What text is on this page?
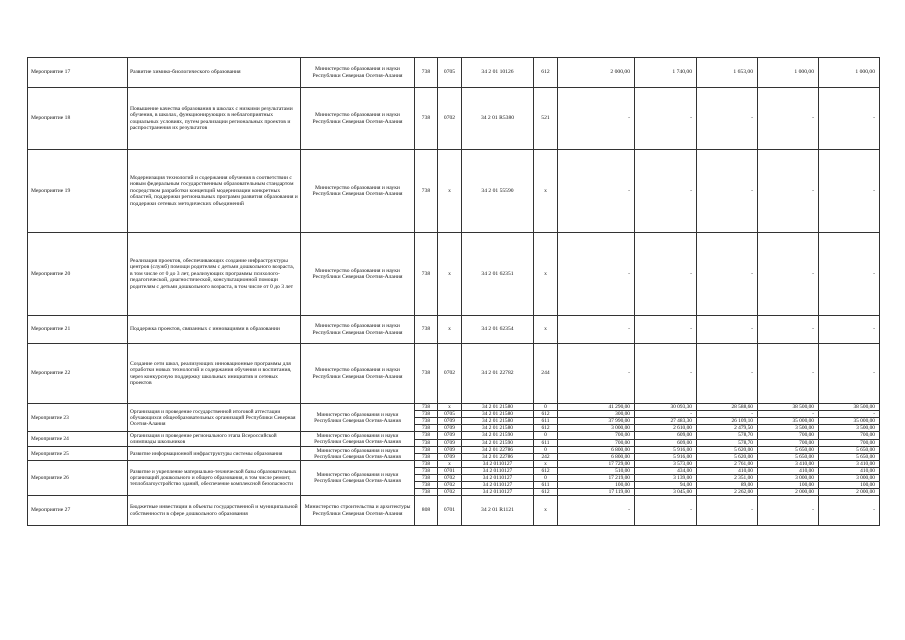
Мероприятие 17	Развитие химико-биологического образования	Министерство образования и науки Республики Северная Осетия-Алания	738	0705	34 2 01 10126	612	2 000,00	1 740,00	1 653,00	1 000,00	1 000,00
Мероприятие 18	Повышение качества образования в школах с низкими результатами обучения, в школах, функционирующих в неблагоприятных социальных условиях, путем реализации региональных проектов и распространения их результатов	Министерство образования и науки Республики Северная Осетия-Алания	738	0702	34 2 01 R5380	521	-	-	-	-	-
Мероприятие 19	Модернизация технологий и содержания обучения в соответствии с новым федеральным государственным образовательным стандартом посредством разработки концепций модернизации конкретных областей, поддержки региональных программ развития образования и поддержки сетевых методических объединений	Министерство образования и науки Республики Северная Осетия-Алания	738	х	34 2 01 55590	х	-	-	-	-	-
Мероприятие 20	Реализация проектов, обеспечивающих создание инфраструктуры центров (служб) помощи родителям с детьми дошкольного возраста, в том числе от 0 до 3 лет, реализующих программы психолого-педагогической, диагностической, консультационной помощи родителям с детьми дошкольного возраста, в том числе от 0 до 3 лет	Министерство образования и науки Республики Северная Осетия-Алания	738	х	34 2 01 62351	х	-	-	-	-	-
Мероприятие 21	Поддержка проектов, связанных с инновациями в образовании	Министерство образования и науки Республики Северная Осетия-Алания	738	х	34 2 01 62354	х	-	-	-	-	-
Мероприятие 22	Создание сети школ, реализующих инновационные программы для отработки новых технологий и содержания обучения и воспитания, через конкурсную поддержку школьных инициатив и сетевых проектов	Министерство образования и науки Республики Северная Осетия-Алания	738	0702	34 2 01 22782	244	-	-	-	-	-
Мероприятие 23	Организация и проведение государственной итоговой аттестации обучающихся общеобразовательных организаций Республики Северная Осетия-Алания	Министерство образования и науки Республики Северная Осетия-Алания	738	х	34 2 01 21580	0	41 290,00	30 093,30	28 588,60	38 500,00	38 500,00
			738	0705	34 2 01 21580	612	300,00	-	-	-	-
			738	0709	34 2 01 21580	611	37 990,00	27 483,30	26 109,10	35 000,00	35 000,00
			738	0709	34 2 01 21580	612	3 000,00	2 610,00	2 479,50	3 500,00	3 500,00
Мероприятие 24	Организация и проведение регионального этапа Всероссийской олимпиады школьников	Министерство образования и науки Республики Северная Осетия-Алания	738	0709	34 2 01 21590	0	700,00	609,00	578,70	700,00	700,00
			738	0709	34 2 01 21590	611	700,00	609,00	578,70	700,00	700,00
Мероприятие 25	Развитие информационной инфраструктуры системы образования	Министерство образования и науки Республики Северная Осетия-Алания	738	0709	34 2 01 22786	0	6 800,00	5 916,00	5 620,00	5 650,00	5 650,00
			738	0709	34 2 01 22786	242	6 800,00	5 916,00	5 620,00	5 650,00	5 650,00
Мероприятие 26	Развитие и укрепление материально-технической базы образовательных организаций дошкольного и общего образования, в том числе ремонт, теплоблагоустройство зданий, обеспечение комплексной безопасности	Министерство образования и науки Республики Северная Осетия-Алания	738	х	34 2 0110127	х	17 729,00	3 573,00	2 761,00	3 410,00	3 410,00
			738	0701	34 2 0110127	612	510,00	434,00	410,00	410,00	410,00
			738	0702	34 2 0110127	0	17 219,00	3 139,00	2 351,00	3 000,00	3 000,00
			738	0702	34 2 0110127	611	100,00	94,00	89,00	100,00	100,00
			738	0702	34 2 0110127	612	17 119,00	3 045,00	2 262,00	2 000,00	2 000,00
Мероприятие 27	Бюджетные инвестиции в объекты государственной и муниципальной собственности в сфере дошкольного образования	Министерство строительства и архитектуры Республики Северная Осетия-Алания	808	0701	34 2 01 R1121	х	-	-	-	-	-
